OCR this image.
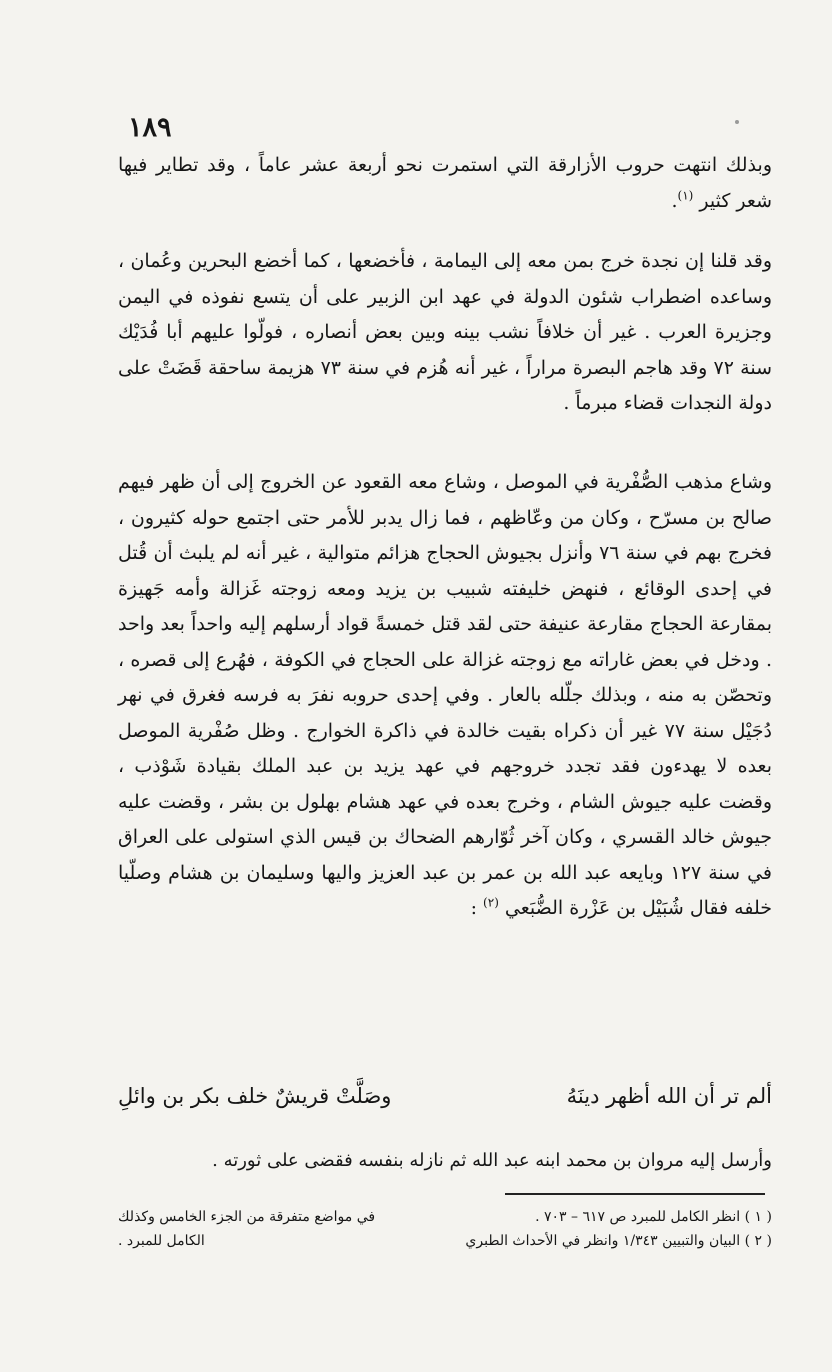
١٨٩

وبذلك انتهت حروب الأزارقة التي استمرت نحو أربعة عشر عاماً ، وقد تطاير فيها شعر كثير $^{(١)}$.

وقد قلنا إن نجدة خرج بمن معه إلى اليمامة ، فأخضعها ، كما أخضع البحرين وعُمان ، وساعده اضطراب شئون الدولة في عهد ابن الزبير على أن يتسع نفوذه في اليمن وجزيرة العرب . غير أن خلافاً نشب بينه وبين بعض أنصاره ، فولّوا عليهم أبا فُدَيْك سنة ٧٢ وقد هاجم البصرة مراراً ، غير أنه هُزم في سنة ٧٣ هزيمة ساحقة قَضَتْ على دولة النجدات قضاء مبرماً .

وشاع مذهب الصُّفْرية في الموصل ، وشاع معه القعود عن الخروج إلى أن ظهر فيهم صالح بن مسرّح ، وكان من وعّاظهم ، فما زال يدبر للأمر حتى اجتمع حوله كثيرون ، فخرج بهم في سنة ٧٦ وأنزل بجيوش الحجاج هزائم متوالية ، غير أنه لم يلبث أن قُتل في إحدى الوقائع ، فنهض خليفته شبيب بن يزيد ومعه زوجته غَزالة وأمه جَهيزة بمقارعة الحجاج مقارعة عنيفة حتى لقد قتل خمسةً قواد أرسلهم إليه واحداً بعد واحد . ودخل في بعض غاراته مع زوجته غزالة على الحجاج في الكوفة ، فهُرع إلى قصره ، وتحصّن به منه ، وبذلك جلّله بالعار . وفي إحدى حروبه نفرَ به فرسه فغرق في نهر دُجَيْل سنة ٧٧ غير أن ذكراه بقيت خالدة في ذاكرة الخوارج . وظل صُفْرية الموصل بعده لا يهدءون فقد تجدد خروجهم في عهد يزيد بن عبد الملك بقيادة شَوْذب ، وقضت عليه جيوش الشام ، وخرج بعده في عهد هشام بهلول بن بشر ، وقضت عليه جيوش خالد القسري ، وكان آخر ثُوّارهم الضحاك بن قيس الذي استولى على العراق في سنة ١٢٧ وبايعه عبد الله بن عمر بن عبد العزيز واليها وسليمان بن هشام وصلّيا خلفه فقال شُبَيْل بن عَزْرة الضُّبَعي $^{(٢)}$ :

ألم تر أن الله أظهر دينَهُ
وصَلَّتْ قريشٌ خلف بكر بن وائلِ
وأرسل إليه مروان بن محمد ابنه عبد الله ثم نازله بنفسه فقضى على ثورته .
( ١ ) انظر الكامل للمبرد ص ٦١٧ – ٧٠٣ .
في مواضع متفرقة من الجزء الخامس وكذلك
( ٢ ) البيان والتبيين ١/٣٤٣ وانظر في الأحداث الطبري
الكامل للمبرد .
